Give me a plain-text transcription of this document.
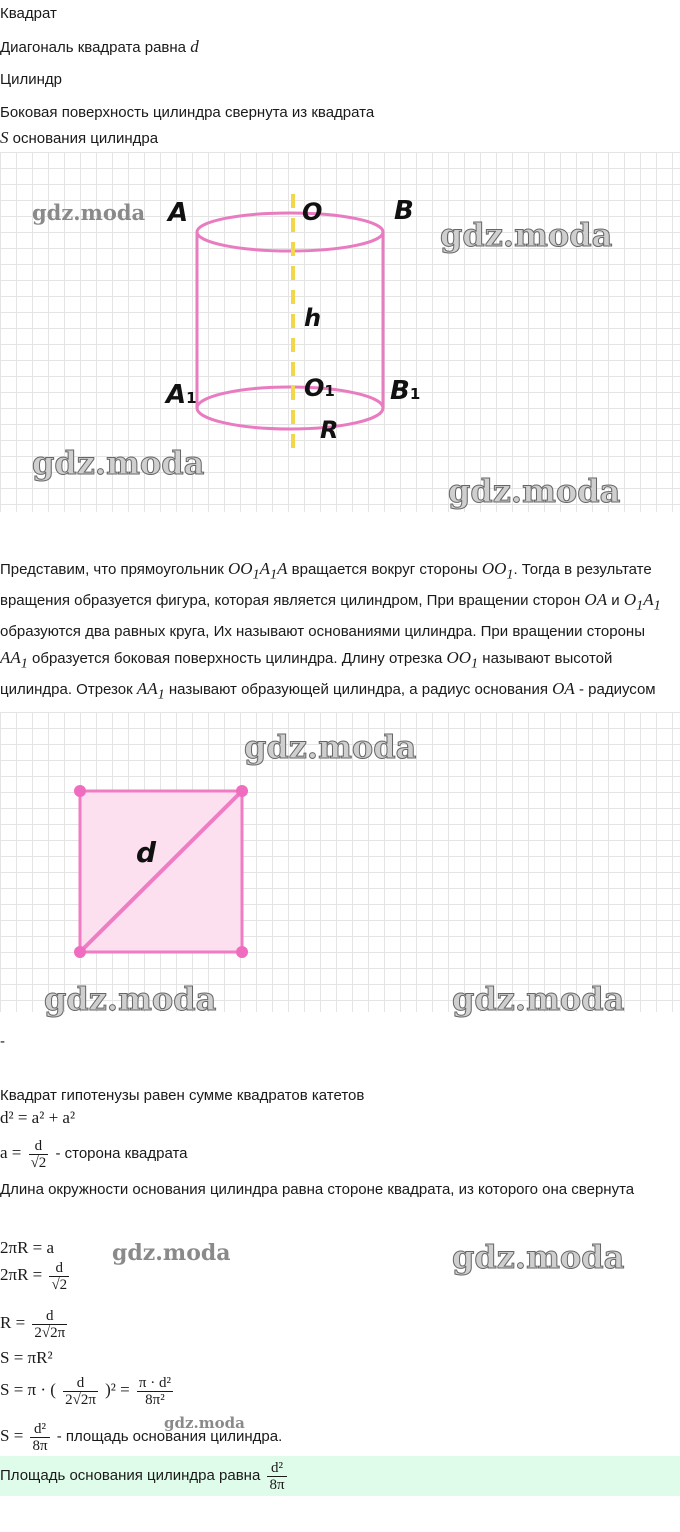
Квадрат
Диагональ квадрата равна d
Цилиндр
Боковая поверхность цилиндра свернута из квадрата
S основания цилиндра
A	O	B
h
A1	O1 B1
R
gdz.moda
gdz.moda
gdz.moda
gdz.moda
Представим, что прямоугольник $OO_1A_1A$ вращается вокруг стороны $OO_1$. Тогда в результате вращения образуется фигура, которая является цилиндром, При вращении сторон OA и $O_1A_1$ образуются два равных круга, Их называют основаниями цилиндра. При вращении стороны $AA_1$ образуется боковая поверхность цилиндра. Длину отрезка $OO_1$ называют высотой цилиндра. Отрезок $AA_1$ называют образующей цилиндра, а радиус основания OA - радиусом
d
gdz.moda
gdz.moda	gdz.moda
-
Квадрат гипотенузы равен сумме квадратов катетов
d² = a² + a²
$a = \frac{d}{√2}$ - сторона квадрата
Длина окружности основания цилиндра равна стороне квадрата, из которого она свернута
2πR = a
$2\pi R = \frac{d}{√2}$
$R = \frac{d}{2√2\pi}$
S = πR²
S = π · ( $\frac{d}{2√2\pi} )^2 = \frac{\text{π · d²}}{\text{8π²}}$
$S = \frac{\text{d²}}{8\pi}$ - площадь основания цилиндра.
gdz.moda	gdz.moda
gdz.moda
Площадь основания цилиндра равна $\frac{\text{d²}}{8\pi}$
